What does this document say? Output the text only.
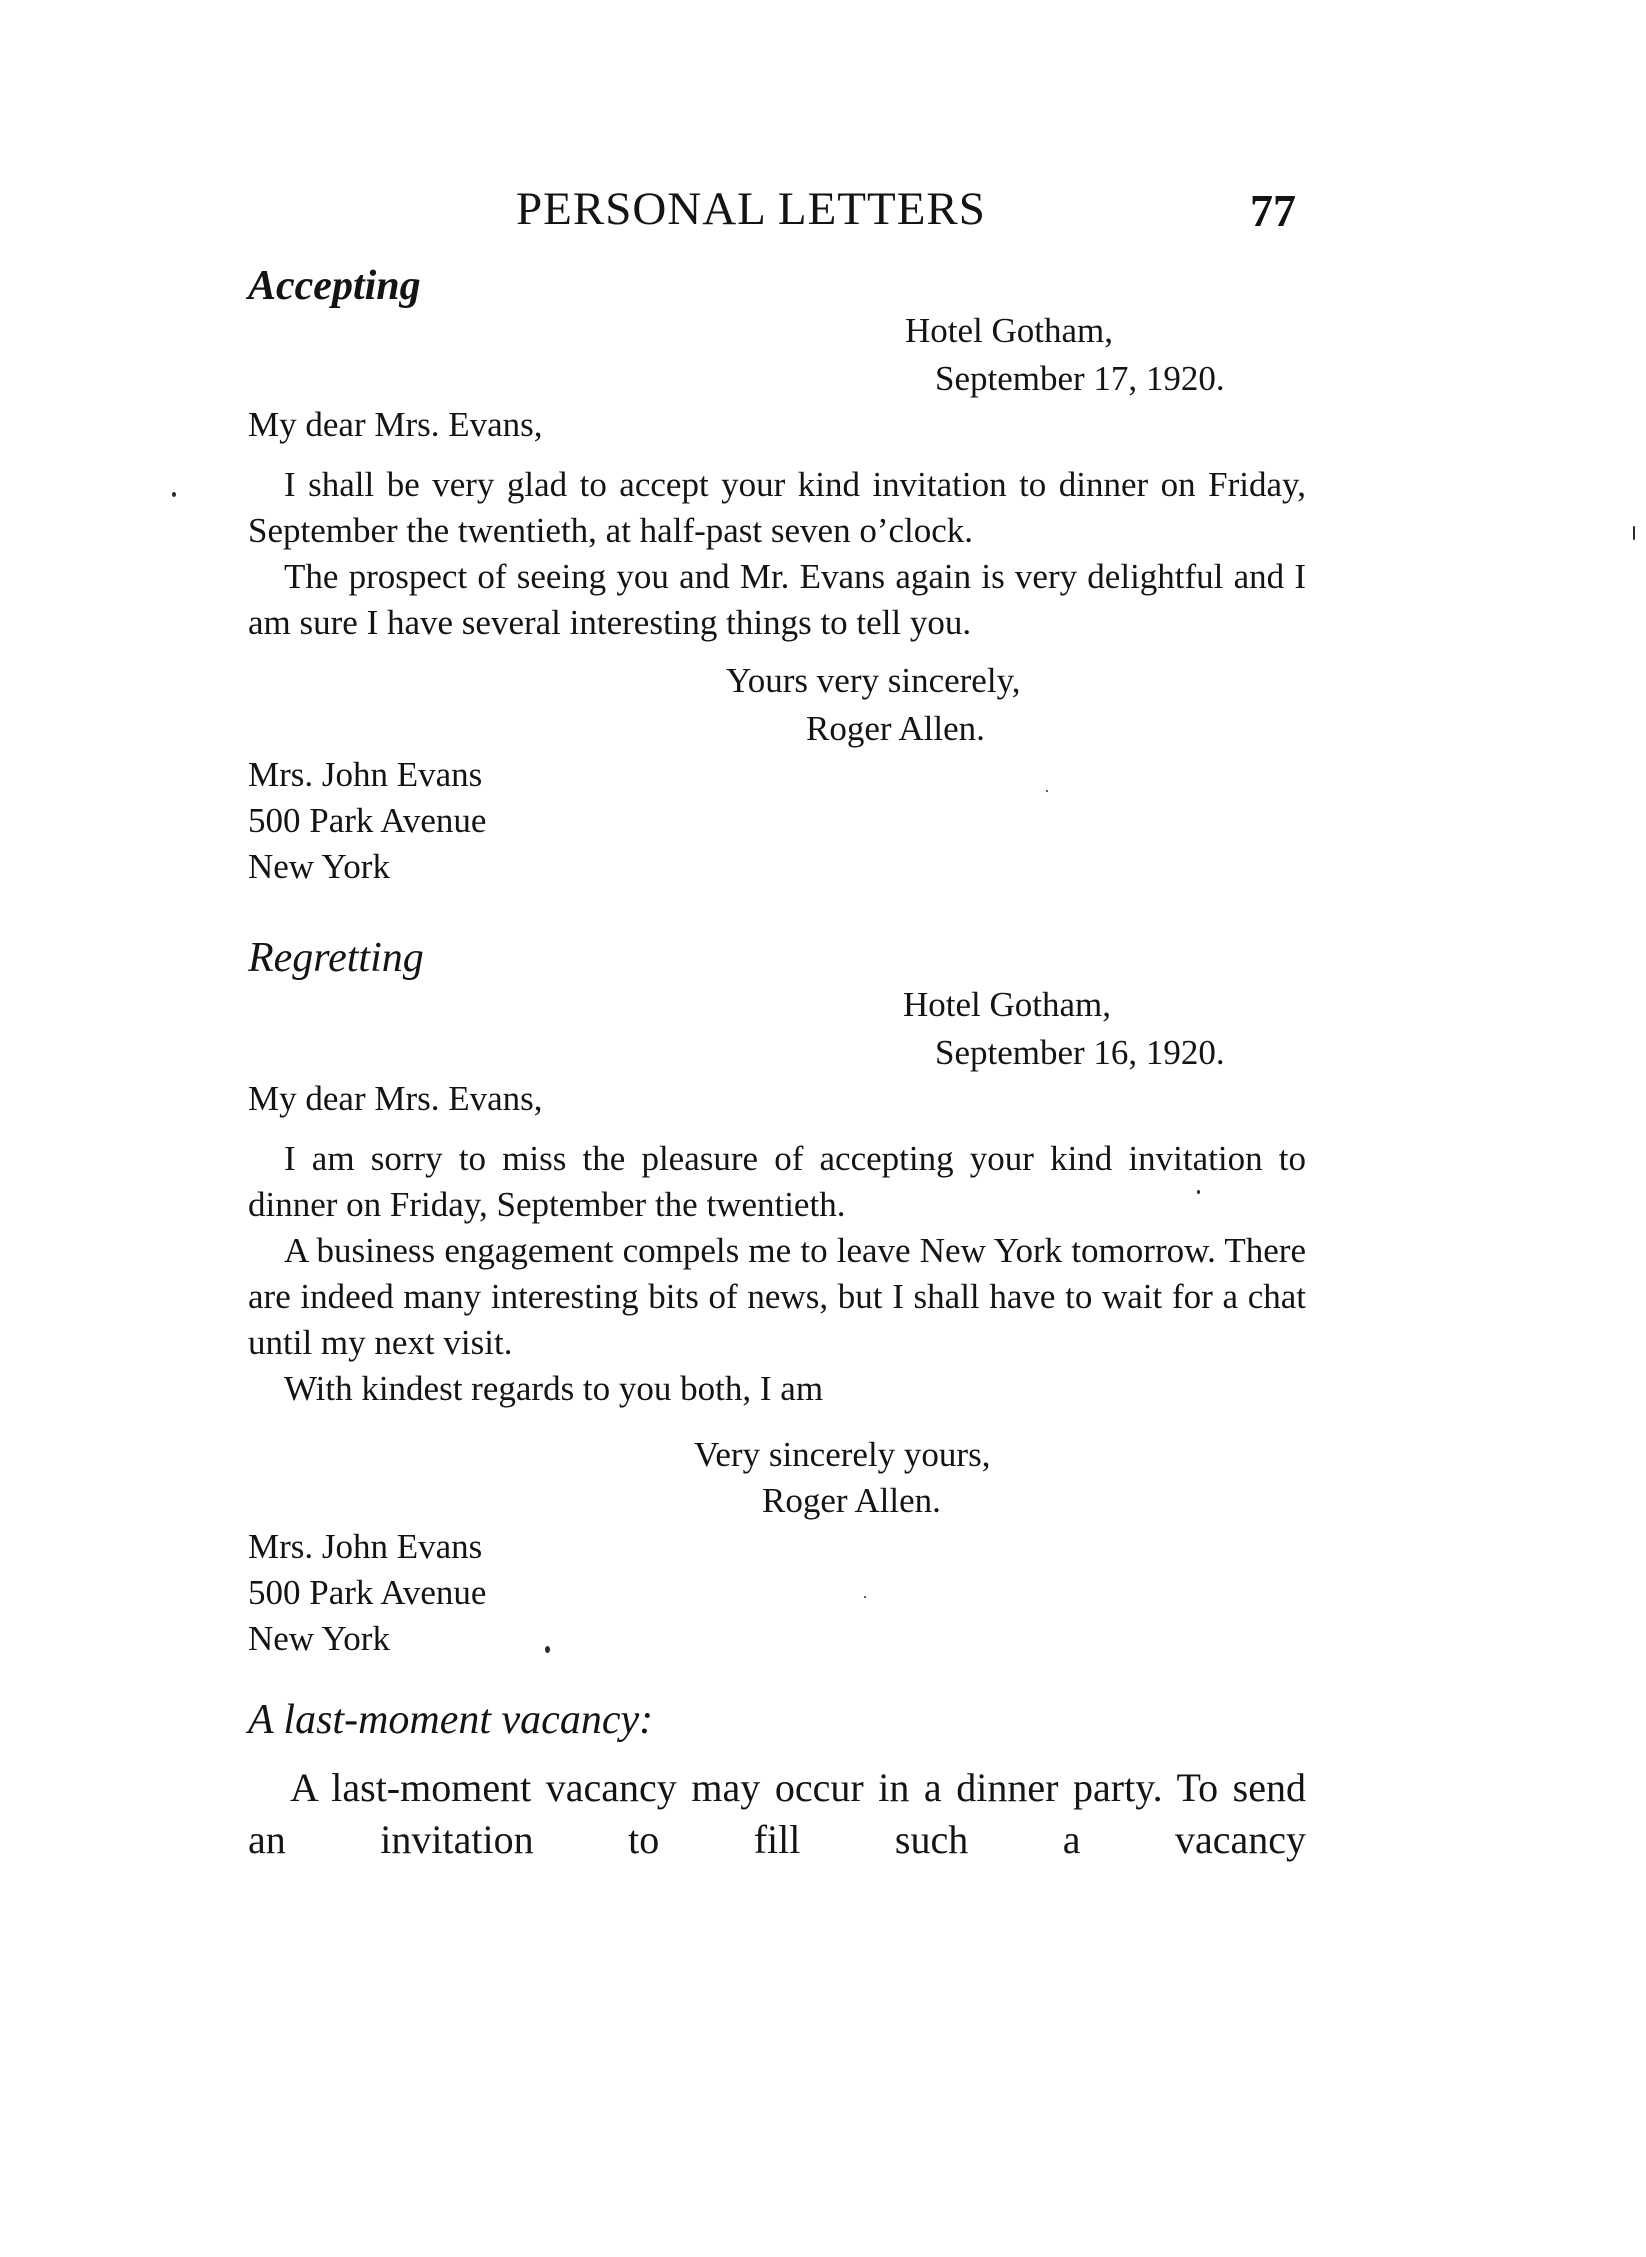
PERSONAL LETTERS	77
Accepting
Hotel Gotham,
September 17, 1920.
My dear Mrs. Evans,
I shall be very glad to accept your kind invitation to dinner on Friday, September the twentieth, at half-past seven o’clock.
The prospect of seeing you and Mr. Evans again is very delightful and I am sure I have several interesting things to tell you.
Yours very sincerely,
Roger Allen.
Mrs. John Evans
500 Park Avenue
New York
Regretting
Hotel Gotham,
September 16, 1920.
My dear Mrs. Evans,
I am sorry to miss the pleasure of accepting your kind invitation to dinner on Friday, September the twentieth.
A business engagement compels me to leave New York tomorrow. There are indeed many interesting bits of news, but I shall have to wait for a chat until my next visit.
With kindest regards to you both, I am
Very sincerely yours,
Roger Allen.
Mrs. John Evans
500 Park Avenue
New York
A last-moment vacancy:
A last-moment vacancy may occur in a dinner party. To send an invitation to fill such a vacancy
